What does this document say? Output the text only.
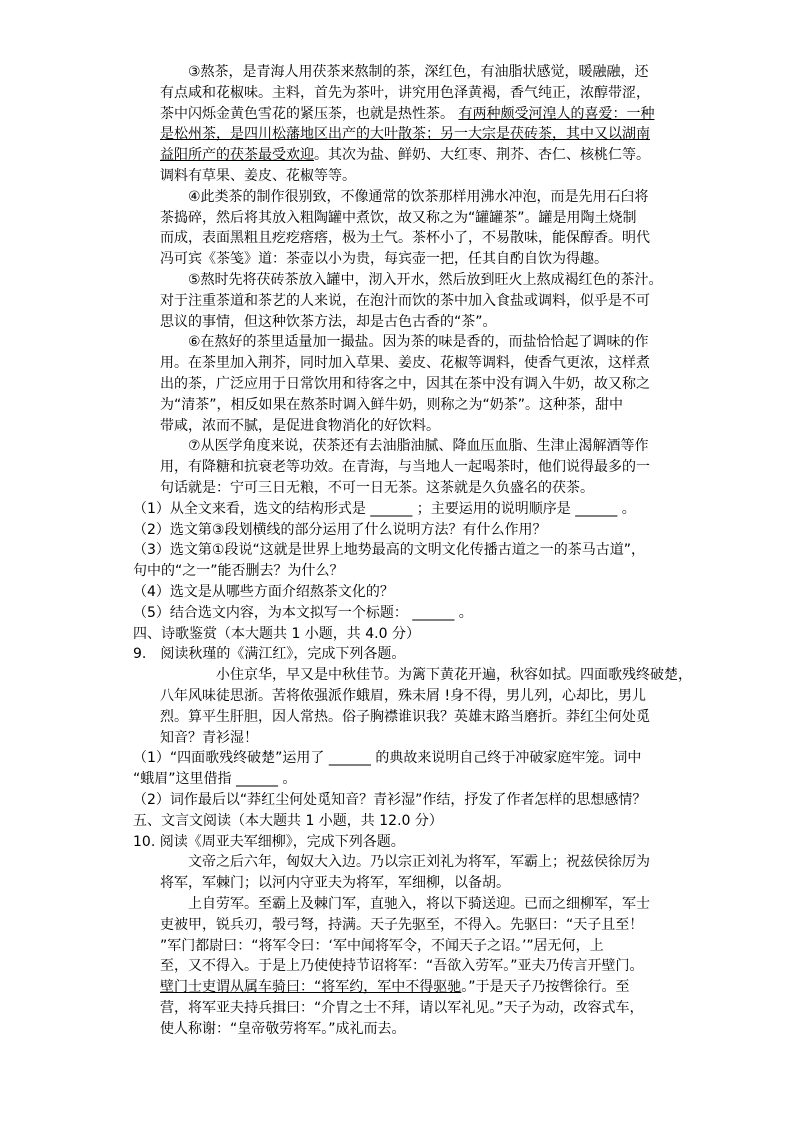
③熬茶，是青海人用茯茶来熬制的茶，深红色，有油脂状感觉，暖融融，还
有点咸和花椒味。主料，首先为茶叶，讲究用色泽黄褐，香气纯正，浓醇带涩，
茶中闪烁金黄色雪花的紧压茶，也就是热性茶。 有两种颇受河湟人的喜爱：一种
是松州茶，是四川松藩地区出产的大叶散茶；另一大宗是茯砖茶，其中又以湖南
益阳所产的茯茶最受欢迎。其次为盐、鲜奶、大红枣、荆芥、杏仁、核桃仁等。
调料有草果、姜皮、花椒等等。
④此类茶的制作很别致，不像通常的饮茶那样用沸水冲泡，而是先用石臼将
茶捣碎，然后将其放入粗陶罐中煮饮，故又称之为“罐罐茶”。罐是用陶土烧制
而成，表面黑粗且疙疙瘩瘩，极为土气。茶杯小了，不易散味，能保醇香。明代
冯可宾《茶笺》道：茶壶以小为贵，每宾壶一把，任其自酌自饮为得趣。
⑤熬时先将茯砖茶放入罐中，沏入开水，然后放到旺火上熬成褐红色的茶汁。
对于注重茶道和茶艺的人来说，在泡汁而饮的茶中加入食盐或调料，似乎是不可
思议的事情，但这种饮茶方法，却是古色古香的“茶”。
⑥在熬好的茶里适量加一撮盐。因为茶的味是香的，而盐恰恰起了调味的作
用。在茶里加入荆芥，同时加入草果、姜皮、花椒等调料，使香气更浓，这样煮
出的茶，广泛应用于日常饮用和待客之中，因其在茶中没有调入牛奶，故又称之
为“清茶”，相反如果在熬茶时调入鲜牛奶，则称之为“奶茶”。这种茶，甜中
带咸，浓而不腻，是促进食物消化的好饮料。
⑦从医学角度来说，茯茶还有去油脂油腻、降血压血脂、生津止渴解酒等作
用，有降糖和抗衰老等功效。在青海，与当地人一起喝茶时，他们说得最多的一
句话就是：宁可三日无粮，不可一日无茶。这茶就是久负盛名的茯茶。
（1）从全文来看，选文的结构形式是 ______ ；主要运用的说明顺序是 ______ 。
（2）选文第③段划横线的部分运用了什么说明方法？有什么作用？
（3）选文第①段说“这就是世界上地势最高的文明文化传播古道之一的茶马古道”，
句中的“之一”能否删去？为什么？
（4）选文是从哪些方面介绍熬茶文化的？
（5）结合选文内容，为本文拟写一个标题： ______ 。
四、诗歌鉴赏（本大题共 1 小题，共 4.0 分）
9.　阅读秋瑾的《满江红》，完成下列各题。
小住京华，早又是中秋佳节。为篱下黄花开遍，秋容如拭。四面歌残终破楚，
八年风味徒思浙。苦将侬强派作蛾眉，殊未屑 !身不得，男儿列，心却比，男儿
烈。算平生肝胆，因人常热。俗子胸襟谁识我？英雄末路当磨折。莽红尘何处觅
知音？青衫湿！
（1）“四面歌残终破楚”运用了 ______ 的典故来说明自己终于冲破家庭牢笼。词中
“蛾眉”这里借指 ______ 。
（2）词作最后以“莽红尘何处觅知音？青衫湿”作结，抒发了作者怎样的思想感情？
五、文言文阅读（本大题共 1 小题，共 12.0 分）
10. 阅读《周亚夫军细柳》，完成下列各题。
文帝之后六年，匈奴大入边。乃以宗正刘礼为将军，军霸上；祝兹侯徐厉为
将军，军棘门；以河内守亚夫为将军，军细柳，以备胡。
上自劳军。至霸上及棘门军，直驰入，将以下骑送迎。已而之细柳军，军士
吏被甲，锐兵刃，彀弓弩，持满。天子先驱至，不得入。先驱曰：“天子且至！
”军门都尉曰：“将军令曰：‘军中闻将军令，不闻天子之诏。’”居无何，上
至，又不得入。于是上乃使使持节诏将军：“吾欲入劳军。”亚夫乃传言开壁门。
壁门士吏谓从属车骑曰：“将军约，军中不得驱驰。”于是天子乃按辔徐行。至
营，将军亚夫持兵揖曰：“介胄之士不拜，请以军礼见。”天子为动，改容式车，
使人称谢：“皇帝敬劳将军。”成礼而去。
